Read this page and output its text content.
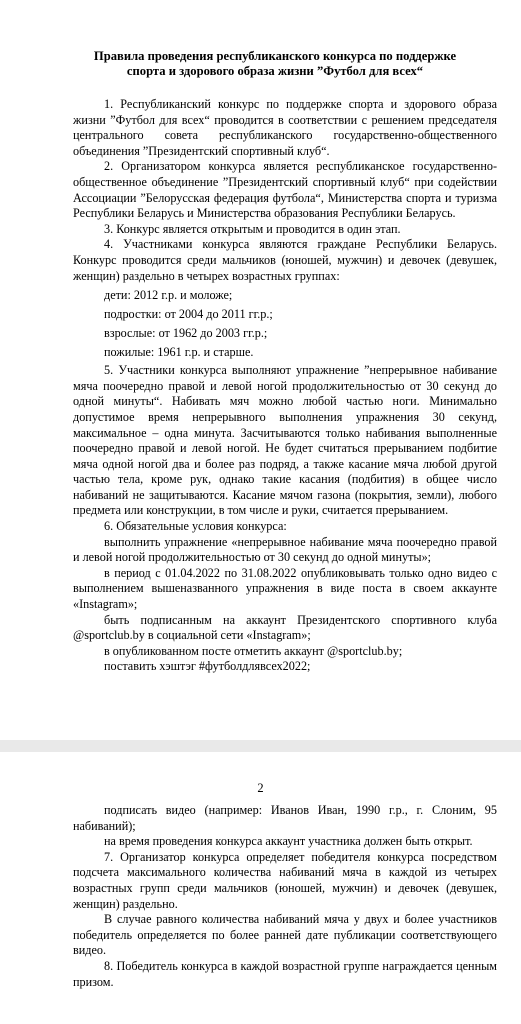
Правила проведения республиканского конкурса по поддержке
спорта и здорового образа жизни ”Футбол для всех“

1. Республиканский конкурс по поддержке спорта и здорового образа жизни ”Футбол для всех“ проводится в соответствии с решением председателя центрального совета республиканского государственно-общественного объединения ”Президентский спортивный клуб“.

2. Организатором конкурса является республиканское государственно-общественное объединение ”Президентский спортивный клуб“ при содействии Ассоциации ”Белорусская федерация футбола“, Министерства спорта и туризма Республики Беларусь и Министерства образования Республики Беларусь.

3. Конкурс является открытым и проводится в один этап.

4. Участниками конкурса являются граждане Республики Беларусь. Конкурс проводится среди мальчиков (юношей, мужчин) и девочек (девушек, женщин) раздельно в четырех возрастных группах:

дети: 2012 г.р. и моложе;

подростки: от 2004 до 2011 гг.р.;

взрослые: от 1962 до 2003 гг.р.;

пожилые: 1961 г.р. и старше.

5. Участники конкурса выполняют упражнение ”непрерывное набивание мяча поочередно правой и левой ногой продолжительностью от 30 секунд до одной минуты“. Набивать мяч можно любой частью ноги. Минимально допустимое время непрерывного выполнения упражнения 30 секунд, максимальное – одна минута. Засчитываются только набивания выполненные поочередно правой и левой ногой. Не будет считаться прерыванием подбитие мяча одной ногой два и более раз подряд, а также касание мяча любой другой частью тела, кроме рук, однако такие касания (подбития) в общее число набиваний не защитываются. Касание мячом газона (покрытия, земли), любого предмета или конструкции, в том числе и руки, считается прерыванием.

6. Обязательные условия конкурса:

выполнить упражнение «непрерывное набивание мяча поочередно правой и левой ногой продолжительностью от 30 секунд до одной минуты»;

в период с 01.04.2022 по 31.08.2022 опубликовывать только одно видео с выполнением вышеназванного упражнения в виде поста в своем аккаунте «Instagram»;

быть подписанным на аккаунт Президентского спортивного клуба @sportclub.by в социальной сети «Instagram»;

в опубликованном посте отметить аккаунт @sportclub.by;

поставить хэштэг #футболдлявсех2022;

2

подписать видео (например: Иванов Иван, 1990 г.р., г. Слоним, 95 набиваний);

на время проведения конкурса аккаунт участника должен быть открыт.

7. Организатор конкурса определяет победителя конкурса посредством подсчета максимального количества набиваний мяча в каждой из четырех возрастных групп среди мальчиков (юношей, мужчин) и девочек (девушек, женщин) раздельно.

В случае равного количества набиваний мяча у двух и более участников победитель определяется по более ранней дате публикации соответствующего видео.

8. Победитель конкурса в каждой возрастной группе награждается ценным призом.
